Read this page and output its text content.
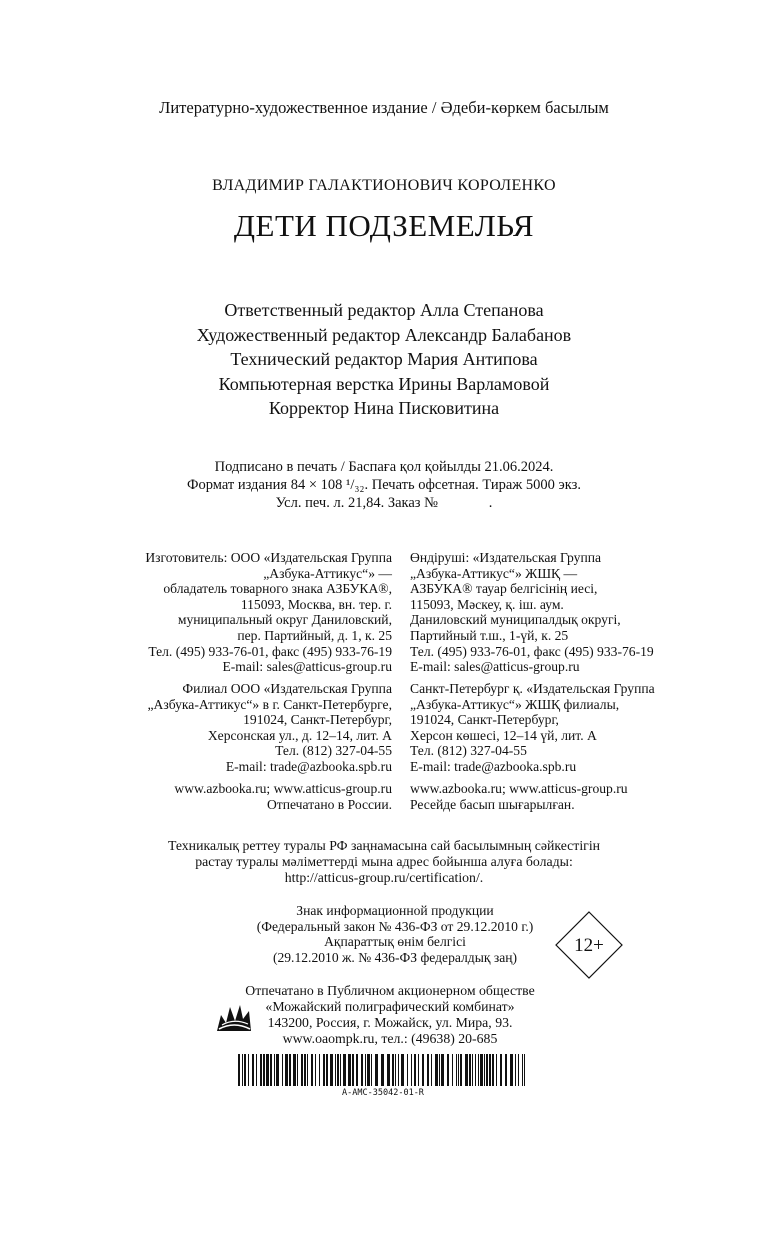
Литературно-художественное издание / Әдеби-көркем басылым
ВЛАДИМИР ГАЛАКТИОНОВИЧ КОРОЛЕНКО
ДЕТИ ПОДЗЕМЕЛЬЯ
Ответственный редактор Алла Степанова
Художественный редактор Александр Балабанов
Технический редактор Мария Антипова
Компьютерная верстка Ирины Варламовой
Корректор Нина Писковитина
Подписано в печать / Баспаға қол қойылды 21.06.2024.
Формат издания 84 × 108 ¹/₃₂. Печать офсетная. Тираж 5000 экз.
Усл. печ. л. 21,84. Заказ №              .
Изготовитель: ООО «Издательская Группа
„Азбука-Аттикус“» —
обладатель товарного знака АЗБУКА®,
115093, Москва, вн. тер. г.
муниципальный округ Даниловский,
пер. Партийный, д. 1, к. 25
Тел. (495) 933-76-01, факс (495) 933-76-19
E-mail: sales@atticus-group.ru
Өндіруші: «Издательская Группа
„Азбука-Аттикус“» ЖШҚ —
АЗБУКА® тауар белгісінің иесі,
115093, Мәскеу, қ. іш. аум.
Даниловский муниципалдық округі,
Партийный т.ш., 1-үй, к. 25
Тел. (495) 933-76-01, факс (495) 933-76-19
E-mail: sales@atticus-group.ru
Филиал ООО «Издательская Группа
„Азбука-Аттикус“» в г. Санкт-Петербурге,
191024, Санкт-Петербург,
Херсонская ул., д. 12–14, лит. А
Тел. (812) 327-04-55
E-mail: trade@azbooka.spb.ru
Санкт-Петербург қ. «Издательская Группа
„Азбука-Аттикус“» ЖШҚ филиалы,
191024, Санкт-Петербург,
Херсон көшесі, 12–14 үй, лит. А
Тел. (812) 327-04-55
E-mail: trade@azbooka.spb.ru
www.azbooka.ru; www.atticus-group.ru
Отпечатано в России.
www.azbooka.ru; www.atticus-group.ru
Ресейде басып шығарылған.
Техникалық реттеу туралы РФ заңнамасына сай басылымның сәйкестігін
растау туралы мәліметтерді мына адрес бойынша алуға болады:
http://atticus-group.ru/certification/.
Знак информационной продукции
(Федеральный закон № 436-ФЗ от 29.12.2010 г.)
Ақпараттық өнім белгісі
(29.12.2010 ж. № 436-ФЗ федералдық заң)
12+
Отпечатано в Публичном акционерном обществе
«Можайский полиграфический комбинат»
143200, Россия, г. Можайск, ул. Мира, 93.
www.oaompk.ru, тел.: (49638) 20-685
A-AMC-35042-01-R
